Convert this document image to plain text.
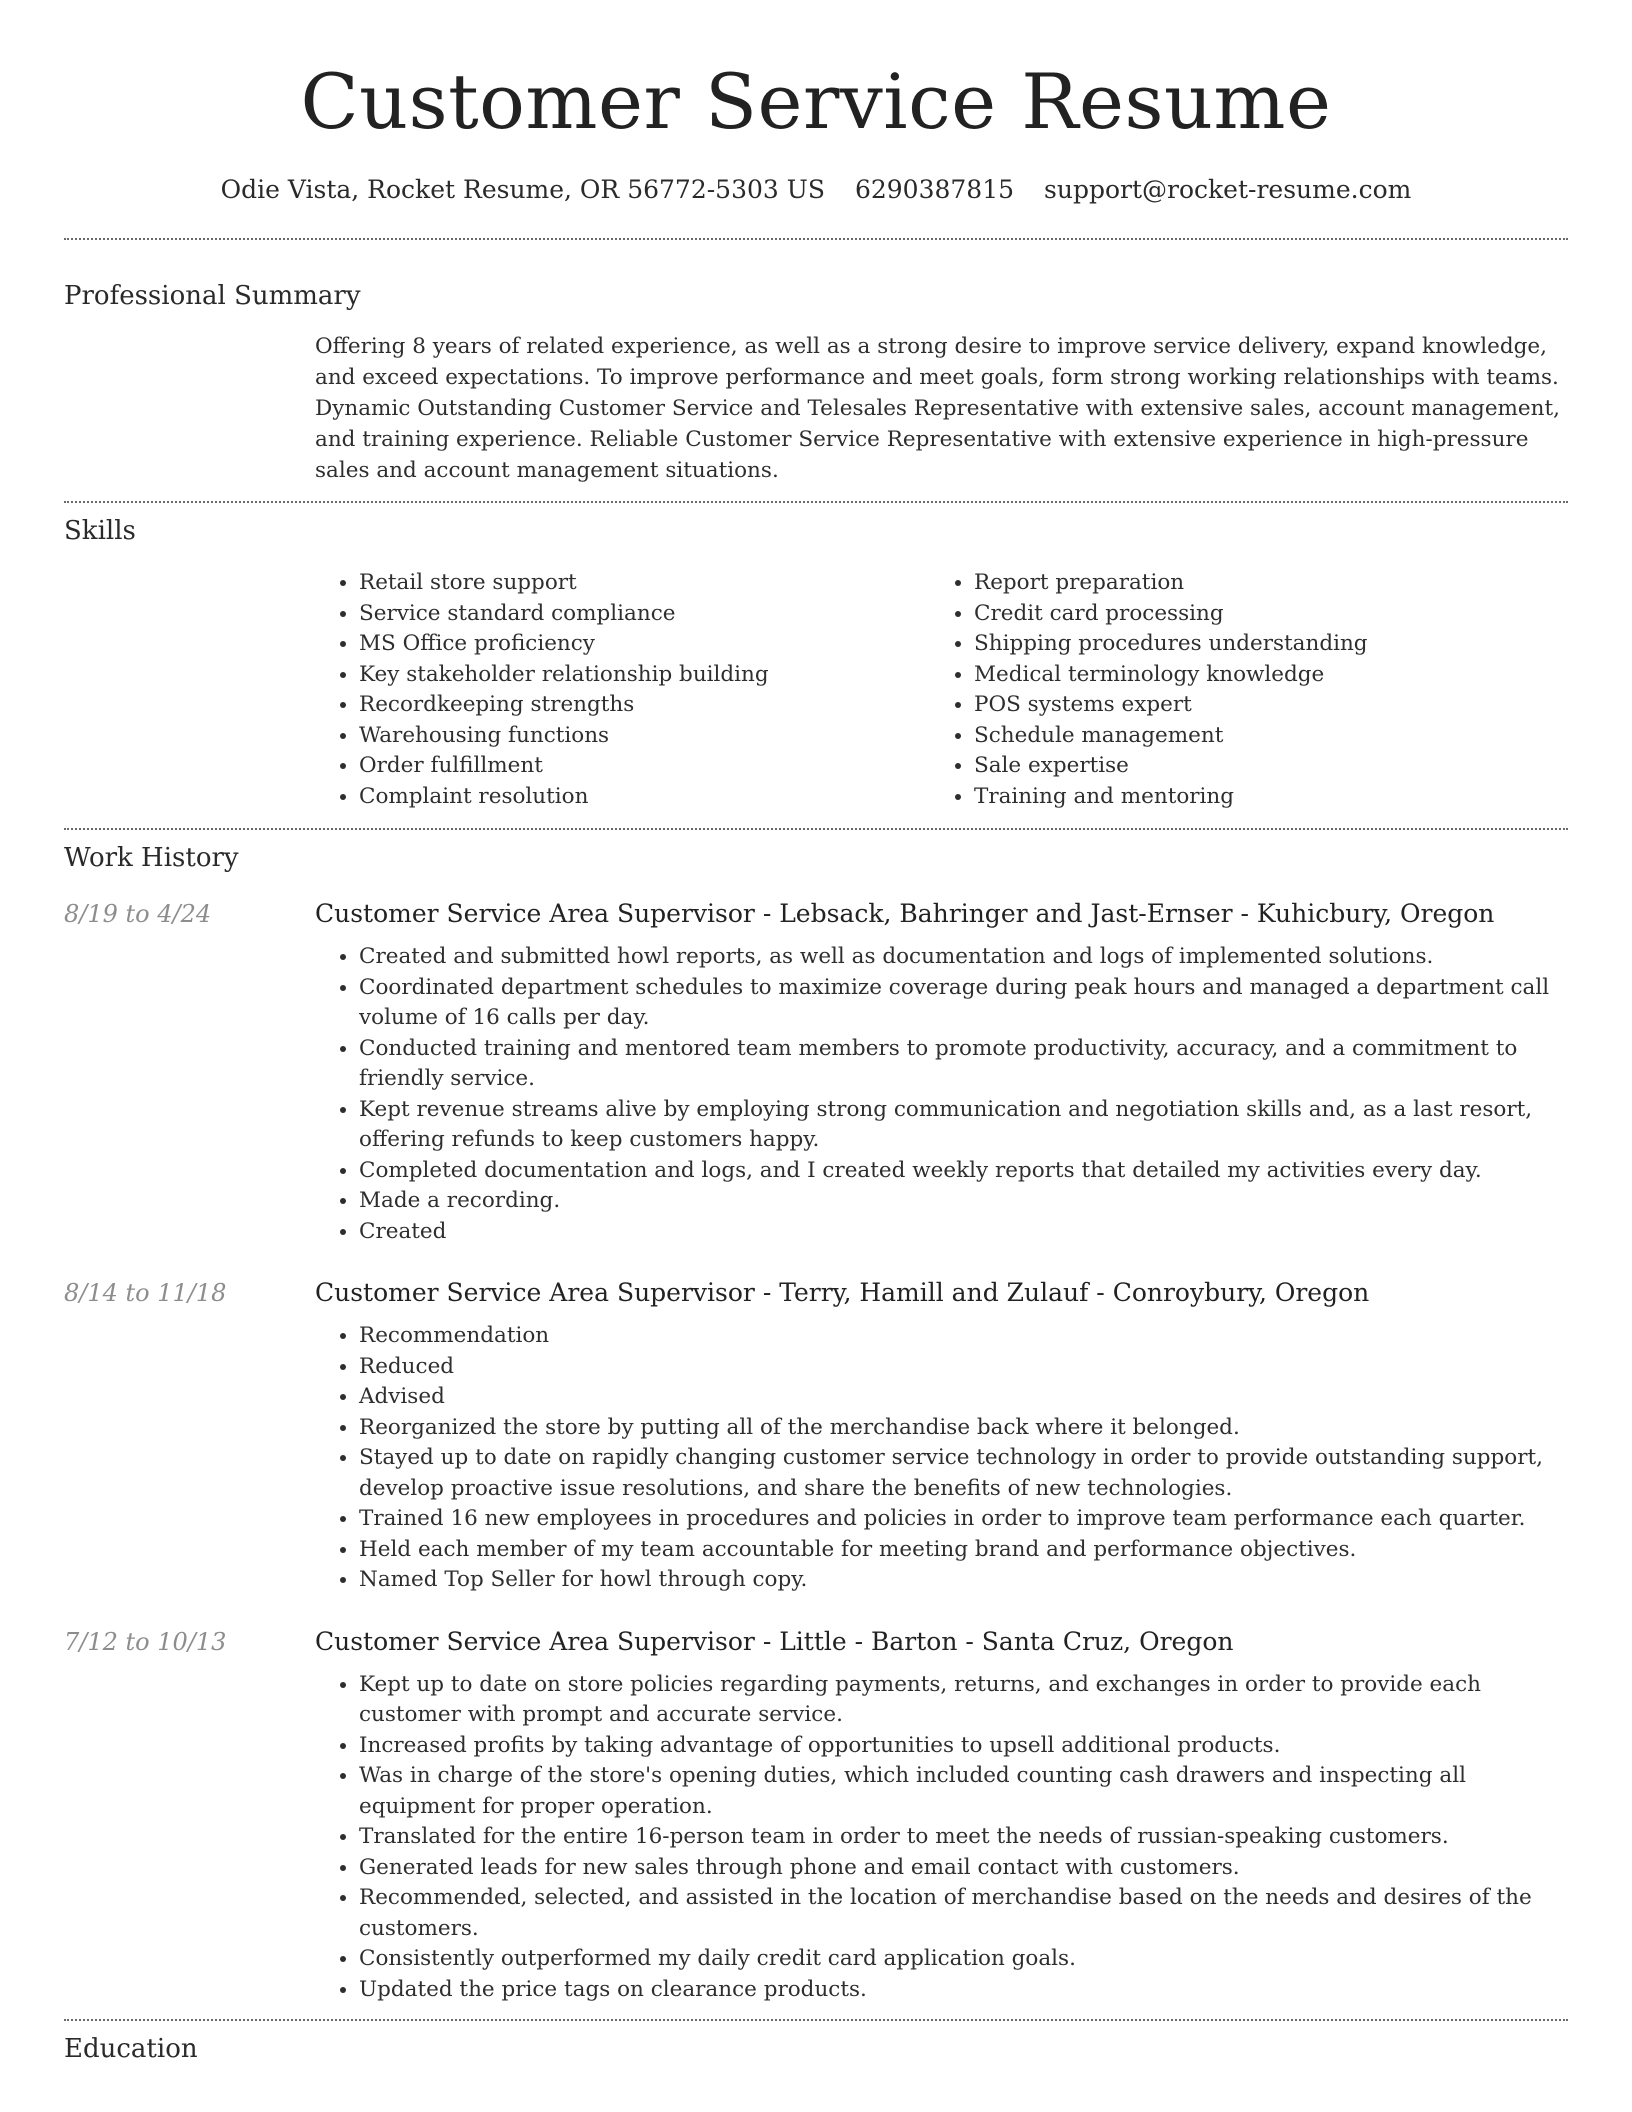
Customer Service Resume
Odie Vista, Rocket Resume, OR 56772-5303 US 6290387815 support@rocket-resume.com
Professional Summary

Offering 8 years of related experience, as well as a strong desire to improve service delivery, expand knowledge, and exceed expectations. To improve performance and meet goals, form strong working relationships with teams. Dynamic Outstanding Customer Service and Telesales Representative with extensive sales, account management, and training experience. Reliable Customer Service Representative with extensive experience in high-pressure sales and account management situations.

Skills
• Retail store support
• Service standard compliance
• MS Office proficiency
• Key stakeholder relationship building
• Recordkeeping strengths
• Warehousing functions
• Order fulfillment
• Complaint resolution
• Report preparation
• Credit card processing
• Shipping procedures understanding
• Medical terminology knowledge
• POS systems expert
• Schedule management
• Sale expertise
• Training and mentoring
Work History
8/19 to 4/24	Customer Service Area Supervisor - Lebsack, Bahringer and Jast-Ernser - Kuhicbury, Oregon
• Created and submitted howl reports, as well as documentation and logs of implemented solutions.
• Coordinated department schedules to maximize coverage during peak hours and managed a department call volume of 16 calls per day.
• Conducted training and mentored team members to promote productivity, accuracy, and a commitment to friendly service.
• Kept revenue streams alive by employing strong communication and negotiation skills and, as a last resort, offering refunds to keep customers happy.
• Completed documentation and logs, and I created weekly reports that detailed my activities every day.
• Made a recording.
• Created
8/14 to 11/18	Customer Service Area Supervisor - Terry, Hamill and Zulauf - Conroybury, Oregon
• Recommendation
• Reduced
• Advised
• Reorganized the store by putting all of the merchandise back where it belonged.
• Stayed up to date on rapidly changing customer service technology in order to provide outstanding support, develop proactive issue resolutions, and share the benefits of new technologies.
• Trained 16 new employees in procedures and policies in order to improve team performance each quarter.
• Held each member of my team accountable for meeting brand and performance objectives.
• Named Top Seller for howl through copy.
7/12 to 10/13	Customer Service Area Supervisor - Little - Barton - Santa Cruz, Oregon
• Kept up to date on store policies regarding payments, returns, and exchanges in order to provide each customer with prompt and accurate service.
• Increased profits by taking advantage of opportunities to upsell additional products.
• Was in charge of the store's opening duties, which included counting cash drawers and inspecting all equipment for proper operation.
• Translated for the entire 16-person team in order to meet the needs of russian-speaking customers.
• Generated leads for new sales through phone and email contact with customers.
• Recommended, selected, and assisted in the location of merchandise based on the needs and desires of the customers.
• Consistently outperformed my daily credit card application goals.
• Updated the price tags on clearance products.
Education
